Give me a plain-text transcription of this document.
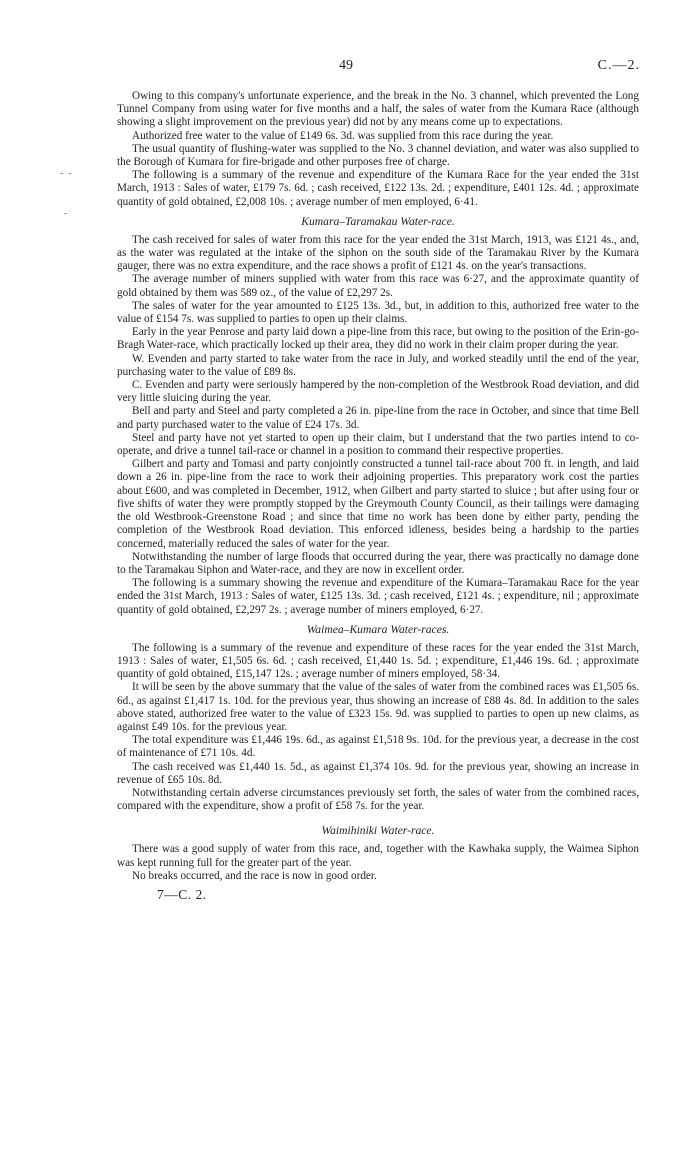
49	C.—2.
-  ‑
-

Owing to this company's unfortunate experience, and the break in the No. 3 channel, which prevented the Long Tunnel Company from using water for five months and a half, the sales of water from the Kumara Race (although showing a slight improvement on the previous year) did not by any means come up to expectations.

Authorized free water to the value of £149 6s. 3d. was supplied from this race during the year.

The usual quantity of flushing-water was supplied to the No. 3 channel deviation, and water was also supplied to the Borough of Kumara for fire-brigade and other purposes free of charge.

The following is a summary of the revenue and expenditure of the Kumara Race for the year ended the 31st March, 1913 : Sales of water, £179 7s. 6d. ; cash received, £122 13s. 2d. ; expenditure, £401 12s. 4d. ; approximate quantity of gold obtained, £2,008 10s. ; average number of men employed, 6·41.

Kumara–Taramakau Water-race.

The cash received for sales of water from this race for the year ended the 31st March, 1913, was £121 4s., and, as the water was regulated at the intake of the siphon on the south side of the Taramakau River by the Kumara gauger, there was no extra expenditure, and the race shows a profit of £121 4s. on the year's transactions.

The average number of miners supplied with water from this race was 6·27, and the approximate quantity of gold obtained by them was 589 oz., of the value of £2,297 2s.

The sales of water for the year amounted to £125 13s. 3d., but, in addition to this, authorized free water to the value of £154 7s. was supplied to parties to open up their claims.

Early in the year Penrose and party laid down a pipe-line from this race, but owing to the position of the Erin-go-Bragh Water-race, which practically locked up their area, they did no work in their claim proper during the year.

W. Evenden and party started to take water from the race in July, and worked steadily until the end of the year, purchasing water to the value of £89 8s.

C. Evenden and party were seriously hampered by the non-completion of the Westbrook Road deviation, and did very little sluicing during the year.

Bell and party and Steel and party completed a 26 in. pipe-line from the race in October, and since that time Bell and party purchased water to the value of £24 17s. 3d.

Steel and party have not yet started to open up their claim, but I understand that the two parties intend to co-operate, and drive a tunnel tail-race or channel in a position to command their respective properties.

Gilbert and party and Tomasi and party conjointly constructed a tunnel tail-race about 700 ft. in length, and laid down a 26 in. pipe-line from the race to work their adjoining properties. This preparatory work cost the parties about £600, and was completed in December, 1912, when Gilbert and party started to sluice ; but after using four or five shifts of water they were promptly stopped by the Greymouth County Council, as their tailings were damaging the old Westbrook-Greenstone Road ; and since that time no work has been done by either party, pending the completion of the Westbrook Road deviation. This enforced idleness, besides being a hardship to the parties concerned, materially reduced the sales of water for the year.

Notwithstanding the number of large floods that occurred during the year, there was practically no damage done to the Taramakau Siphon and Water-race, and they are now in excellent order.

The following is a summary showing the revenue and expenditure of the Kumara–Taramakau Race for the year ended the 31st March, 1913 : Sales of water, £125 13s. 3d. ; cash received, £121 4s. ; expenditure, nil ; approximate quantity of gold obtained, £2,297 2s. ; average number of miners employed, 6·27.

Waimea–Kumara Water-races.

The following is a summary of the revenue and expenditure of these races for the year ended the 31st March, 1913 : Sales of water, £1,505 6s. 6d. ; cash received, £1,440 1s. 5d. ; expenditure, £1,446 19s. 6d. ; approximate quantity of gold obtained, £15,147 12s. ; average number of miners employed, 58·34.

It will be seen by the above summary that the value of the sales of water from the combined races was £1,505 6s. 6d., as against £1,417 1s. 10d. for the previous year, thus showing an increase of £88 4s. 8d. In addition to the sales above stated, authorized free water to the value of £323 15s. 9d. was supplied to parties to open up new claims, as against £49 10s. for the previous year.

The total expenditure was £1,446 19s. 6d., as against £1,518 9s. 10d. for the previous year, a decrease in the cost of maintenance of £71 10s. 4d.

The cash received was £1,440 1s. 5d., as against £1,374 10s. 9d. for the previous year, showing an increase in revenue of £65 10s. 8d.

Notwithstanding certain adverse circumstances previously set forth, the sales of water from the combined races, compared with the expenditure, show a profit of £58 7s. for the year.

Waimihiniki Water-race.

There was a good supply of water from this race, and, together with the Kawhaka supply, the Waimea Siphon was kept running full for the greater part of the year.

No breaks occurred, and the race is now in good order.

7—C. 2.
